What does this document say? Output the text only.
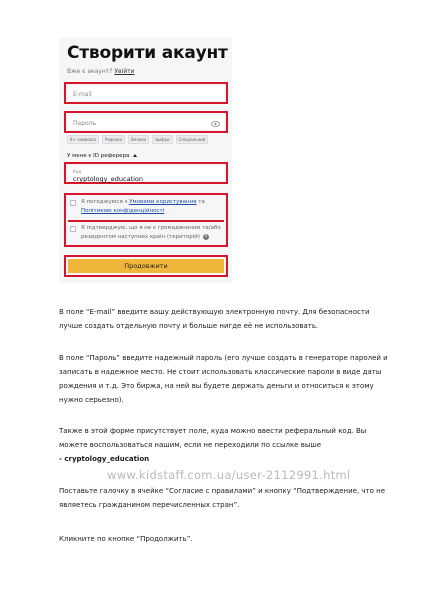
Створити акаунт
Вже є акаунт? Увійти
E-mail
Пароль
8+ символів	Рядкова	Велика	Цифри	Спеціальний
У мене є ID реферера
Код
cryptology_education
Я погоджуюся з Умовами користування та Політикою конфіденційності
Я підтверджую, що я не є громадянином та/або резидентом наступних країн (територій) i
Продовжити
В поле “E-mail” введите вашу действующую электронную почту. Для безопасности лучше создать отдельную почту и больше нигде её не использовать.
В поле “Пароль” введите надежный пароль (его лучше создать в генераторе паролей и записать в надежное место. Не стоит использовать классические пароли в виде даты рождения и т.д. Это биржа, на ней вы будете держать деньги и относиться к этому нужно серьезно).
Также в этой форме присутствует поле, куда можно ввести реферальный код. Вы можете воспользоваться нашим, если не переходили по ссылке выше
- cryptology_education
Поставьте галочку в ячейке “Согласие с правилами” и кнопку “Подтверждение, что не являетесь гражданином перечисленных стран”.
Кликните по кнопке “Продолжить”.
www.kidstaff.com.ua/user-2112991.html
